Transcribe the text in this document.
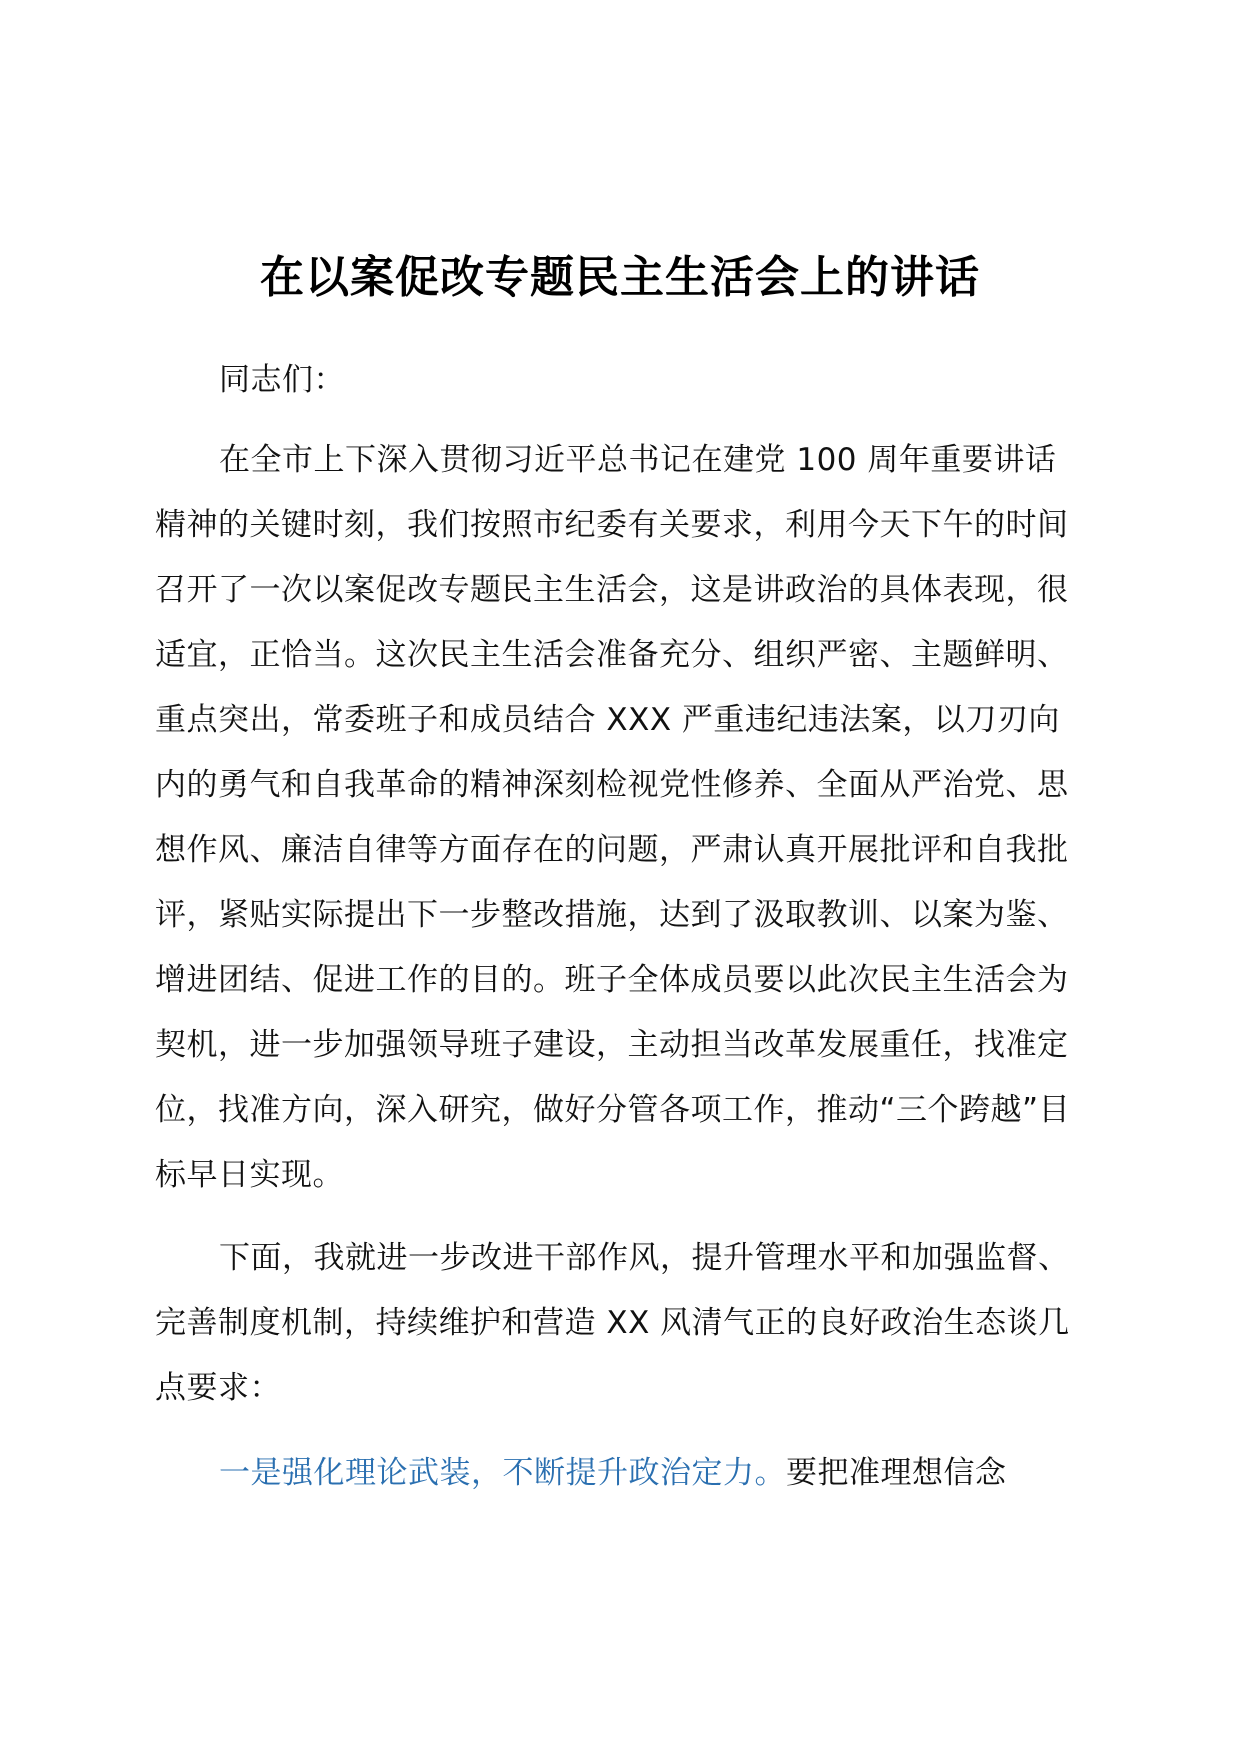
在以案促改专题民主生活会上的讲话

同志们：

在全市上下深入贯彻习近平总书记在建党 100 周年重要讲话精神的关键时刻，我们按照市纪委有关要求，利用今天下午的时间召开了一次以案促改专题民主生活会，这是讲政治的具体表现，很适宜，正恰当。这次民主生活会准备充分、组织严密、主题鲜明、重点突出，常委班子和成员结合 XXX 严重违纪违法案，以刀刃向内的勇气和自我革命的精神深刻检视党性修养、全面从严治党、思想作风、廉洁自律等方面存在的问题，严肃认真开展批评和自我批评，紧贴实际提出下一步整改措施，达到了汲取教训、以案为鉴、增进团结、促进工作的目的。班子全体成员要以此次民主生活会为契机，进一步加强领导班子建设，主动担当改革发展重任，找准定位，找准方向，深入研究，做好分管各项工作，推动“三个跨越”目标早日实现。

下面，我就进一步改进干部作风，提升管理水平和加强监督、完善制度机制，持续维护和营造 XX 风清气正的良好政治生态谈几点要求：

一是强化理论武装，不断提升政治定力。要把准理想信念
